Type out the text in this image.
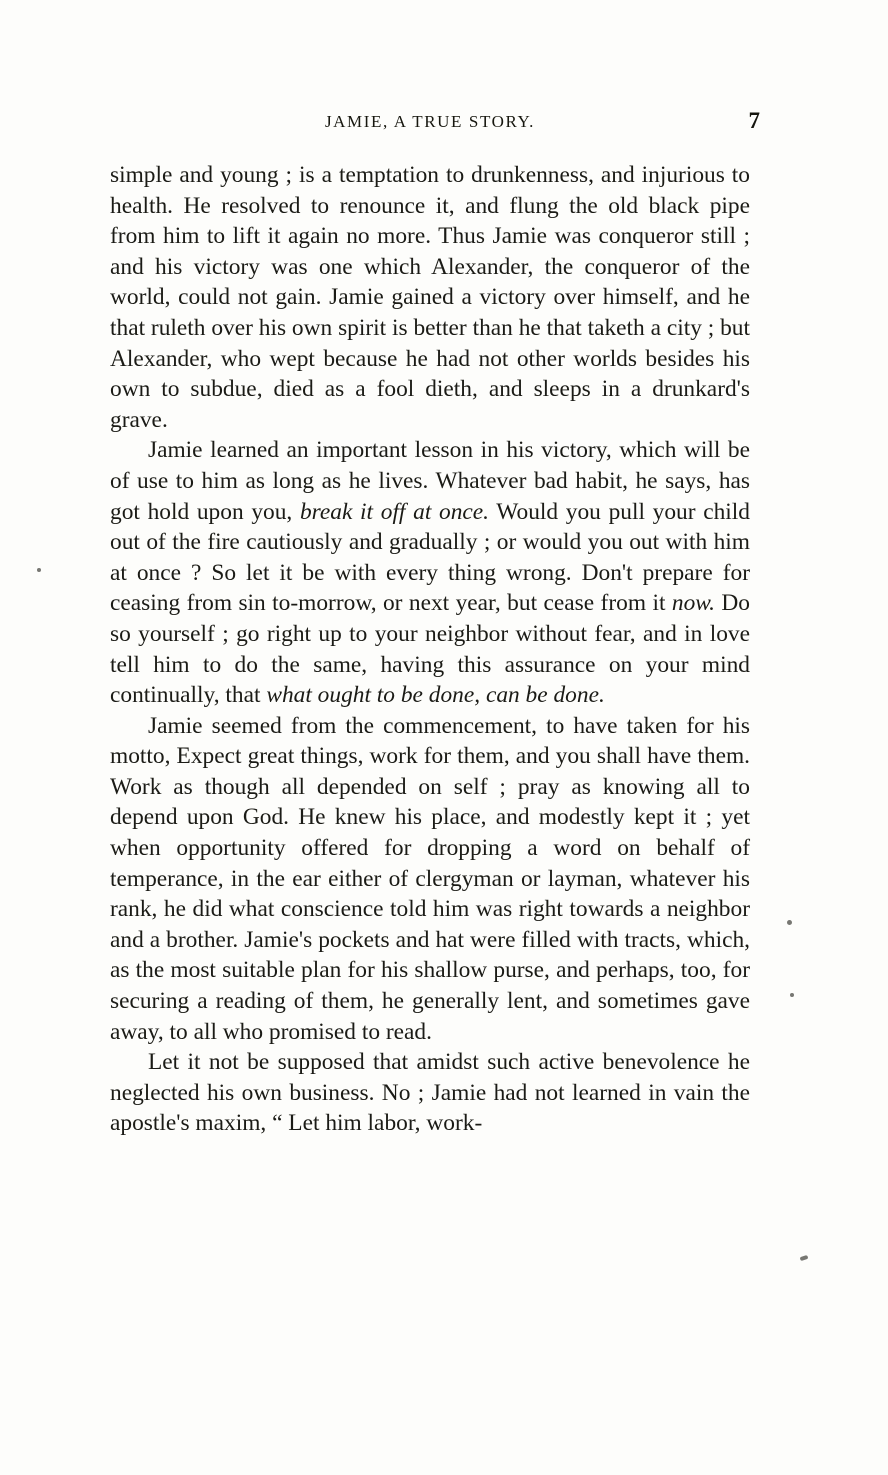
JAMIE, A TRUE STORY.	7

simple and young ; is a temptation to drunkenness, and injurious to health. He resolved to renounce it, and flung the old black pipe from him to lift it again no more. Thus Jamie was conqueror still ; and his victory was one which Alexander, the conqueror of the world, could not gain. Jamie gained a victory over himself, and he that ruleth over his own spirit is better than he that taketh a city ; but Alexander, who wept because he had not other worlds besides his own to subdue, died as a fool dieth, and sleeps in a drunkard's grave.

Jamie learned an important lesson in his victory, which will be of use to him as long as he lives. Whatever bad habit, he says, has got hold upon you, break it off at once. Would you pull your child out of the fire cautiously and gradually ; or would you out with him at once ? So let it be with every thing wrong. Don't prepare for ceasing from sin to-morrow, or next year, but cease from it now. Do so yourself ; go right up to your neighbor without fear, and in love tell him to do the same, having this assurance on your mind continually, that what ought to be done, can be done.

Jamie seemed from the commencement, to have taken for his motto, Expect great things, work for them, and you shall have them. Work as though all depended on self ; pray as knowing all to depend upon God. He knew his place, and modestly kept it ; yet when opportunity offered for dropping a word on behalf of temperance, in the ear either of clergyman or layman, whatever his rank, he did what conscience told him was right towards a neighbor and a brother. Jamie's pockets and hat were filled with tracts, which, as the most suitable plan for his shallow purse, and perhaps, too, for securing a reading of them, he generally lent, and sometimes gave away, to all who promised to read.

Let it not be supposed that amidst such active benevolence he neglected his own business. No ; Jamie had not learned in vain the apostle's maxim, “ Let him labor, work-
